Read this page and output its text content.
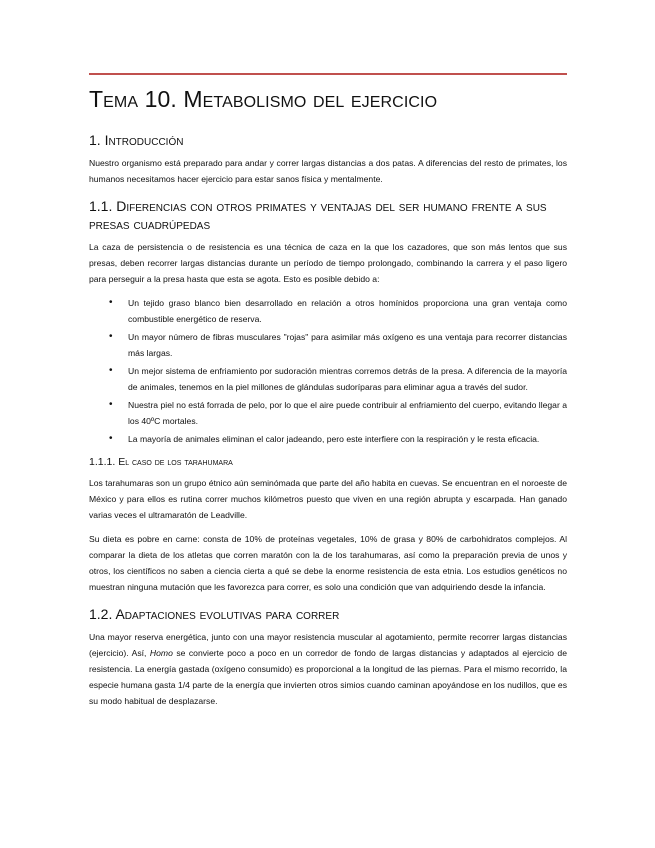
Tema 10. Metabolismo del ejercicio
1. Introducción

Nuestro organismo está preparado para andar y correr largas distancias a dos patas. A diferencias del resto de primates, los humanos necesitamos hacer ejercicio para estar sanos física y mentalmente.

1.1. Diferencias con otros primates y ventajas del ser humano frente a sus presas cuadrúpedas

La caza de persistencia o de resistencia es una técnica de caza en la que los cazadores, que son más lentos que sus presas, deben recorrer largas distancias durante un período de tiempo prolongado, combinando la carrera y el paso ligero para perseguir a la presa hasta que esta se agota. Esto es posible debido a:

• Un tejido graso blanco bien desarrollado en relación a otros homínidos proporciona una gran ventaja como combustible energético de reserva.
• Un mayor número de fibras musculares "rojas" para asimilar más oxígeno es una ventaja para recorrer distancias más largas.
• Un mejor sistema de enfriamiento por sudoración mientras corremos detrás de la presa. A diferencia de la mayoría de animales, tenemos en la piel millones de glándulas sudoríparas para eliminar agua a través del sudor.
• Nuestra piel no está forrada de pelo, por lo que el aire puede contribuir al enfriamiento del cuerpo, evitando llegar a los 40ºC mortales.
• La mayoría de animales eliminan el calor jadeando, pero este interfiere con la respiración y le resta eficacia.
1.1.1. El caso de los tarahumara

Los tarahumaras son un grupo étnico aún seminómada que parte del año habita en cuevas. Se encuentran en el noroeste de México y para ellos es rutina correr muchos kilómetros puesto que viven en una región abrupta y escarpada. Han ganado varias veces el ultramaratón de Leadville.

Su dieta es pobre en carne: consta de 10% de proteínas vegetales, 10% de grasa y 80% de carbohidratos complejos. Al comparar la dieta de los atletas que corren maratón con la de los tarahumaras, así como la preparación previa de unos y otros, los científicos no saben a ciencia cierta a qué se debe la enorme resistencia de esta etnia. Los estudios genéticos no muestran ninguna mutación que les favorezca para correr, es solo una condición que van adquiriendo desde la infancia.

1.2. Adaptaciones evolutivas para correr

Una mayor reserva energética, junto con una mayor resistencia muscular al agotamiento, permite recorrer largas distancias (ejercicio). Así, Homo se convierte poco a poco en un corredor de fondo de largas distancias y adaptados al ejercicio de resistencia. La energía gastada (oxígeno consumido) es proporcional a la longitud de las piernas. Para el mismo recorrido, la especie humana gasta 1/4 parte de la energía que invierten otros simios cuando caminan apoyándose en los nudillos, que es su modo habitual de desplazarse.
